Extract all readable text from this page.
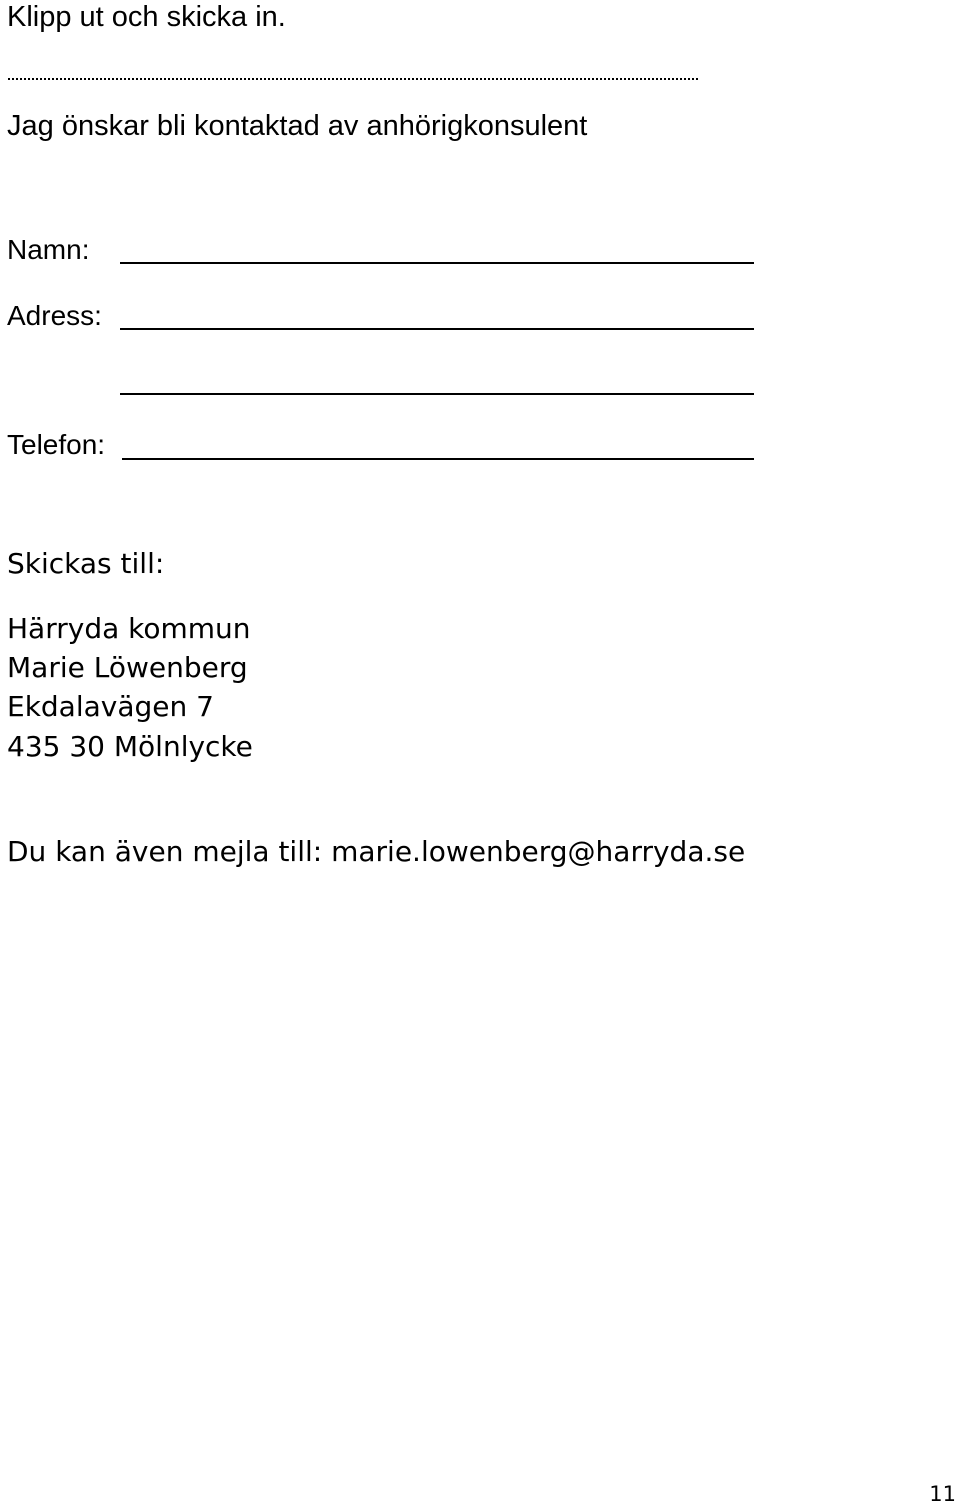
Klipp ut och skicka in.
Jag önskar bli kontaktad av anhörigkonsulent
Namn:
Adress:
Telefon:
Skickas till:
Härryda kommun
Marie Löwenberg
Ekdalavägen 7
435 30 Mölnlycke
Du kan även mejla till: marie.lowenberg@harryda.se
11
